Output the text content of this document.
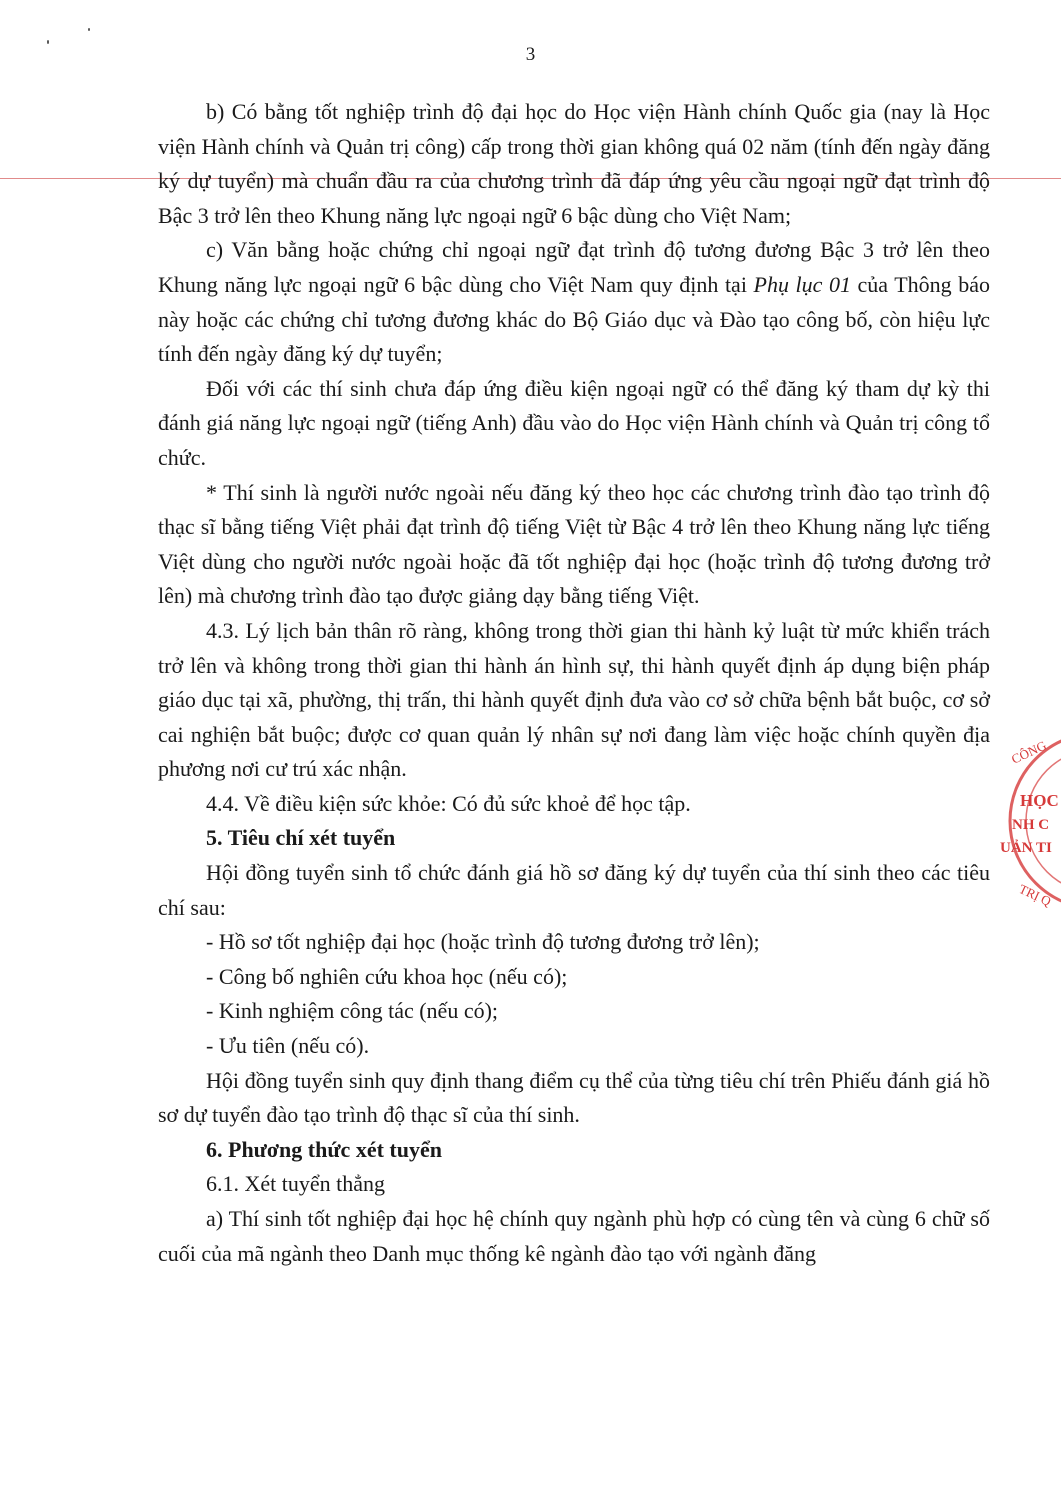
3

b) Có bằng tốt nghiệp trình độ đại học do Học viện Hành chính Quốc gia (nay là Học viện Hành chính và Quản trị công) cấp trong thời gian không quá 02 năm (tính đến ngày đăng ký dự tuyển) mà chuẩn đầu ra của chương trình đã đáp ứng yêu cầu ngoại ngữ đạt trình độ Bậc 3 trở lên theo Khung năng lực ngoại ngữ 6 bậc dùng cho Việt Nam;

c) Văn bằng hoặc chứng chỉ ngoại ngữ đạt trình độ tương đương Bậc 3 trở lên theo Khung năng lực ngoại ngữ 6 bậc dùng cho Việt Nam quy định tại Phụ lục 01 của Thông báo này hoặc các chứng chỉ tương đương khác do Bộ Giáo dục và Đào tạo công bố, còn hiệu lực tính đến ngày đăng ký dự tuyển;

Đối với các thí sinh chưa đáp ứng điều kiện ngoại ngữ có thể đăng ký tham dự kỳ thi đánh giá năng lực ngoại ngữ (tiếng Anh) đầu vào do Học viện Hành chính và Quản trị công tổ chức.

* Thí sinh là người nước ngoài nếu đăng ký theo học các chương trình đào tạo trình độ thạc sĩ bằng tiếng Việt phải đạt trình độ tiếng Việt từ Bậc 4 trở lên theo Khung năng lực tiếng Việt dùng cho người nước ngoài hoặc đã tốt nghiệp đại học (hoặc trình độ tương đương trở lên) mà chương trình đào tạo được giảng dạy bằng tiếng Việt.

4.3. Lý lịch bản thân rõ ràng, không trong thời gian thi hành kỷ luật từ mức khiển trách trở lên và không trong thời gian thi hành án hình sự, thi hành quyết định áp dụng biện pháp giáo dục tại xã, phường, thị trấn, thi hành quyết định đưa vào cơ sở chữa bệnh bắt buộc, cơ sở cai nghiện bắt buộc; được cơ quan quản lý nhân sự nơi đang làm việc hoặc chính quyền địa phương nơi cư trú xác nhận.

4.4. Về điều kiện sức khỏe: Có đủ sức khoẻ để học tập.

5. Tiêu chí xét tuyển

Hội đồng tuyển sinh tổ chức đánh giá hồ sơ đăng ký dự tuyển của thí sinh theo các tiêu chí sau:

- Hồ sơ tốt nghiệp đại học (hoặc trình độ tương đương trở lên);

- Công bố nghiên cứu khoa học (nếu có);

- Kinh nghiệm công tác (nếu có);

- Ưu tiên (nếu có).

Hội đồng tuyển sinh quy định thang điểm cụ thể của từng tiêu chí trên Phiếu đánh giá hồ sơ dự tuyển đào tạo trình độ thạc sĩ của thí sinh.

6. Phương thức xét tuyển

6.1. Xét tuyển thẳng

a) Thí sinh tốt nghiệp đại học hệ chính quy ngành phù hợp có cùng tên và cùng 6 chữ số cuối của mã ngành theo Danh mục thống kê ngành đào tạo với ngành đăng

CÔNG
HỌC
NH C
UẢN TI
TRỊ Q
